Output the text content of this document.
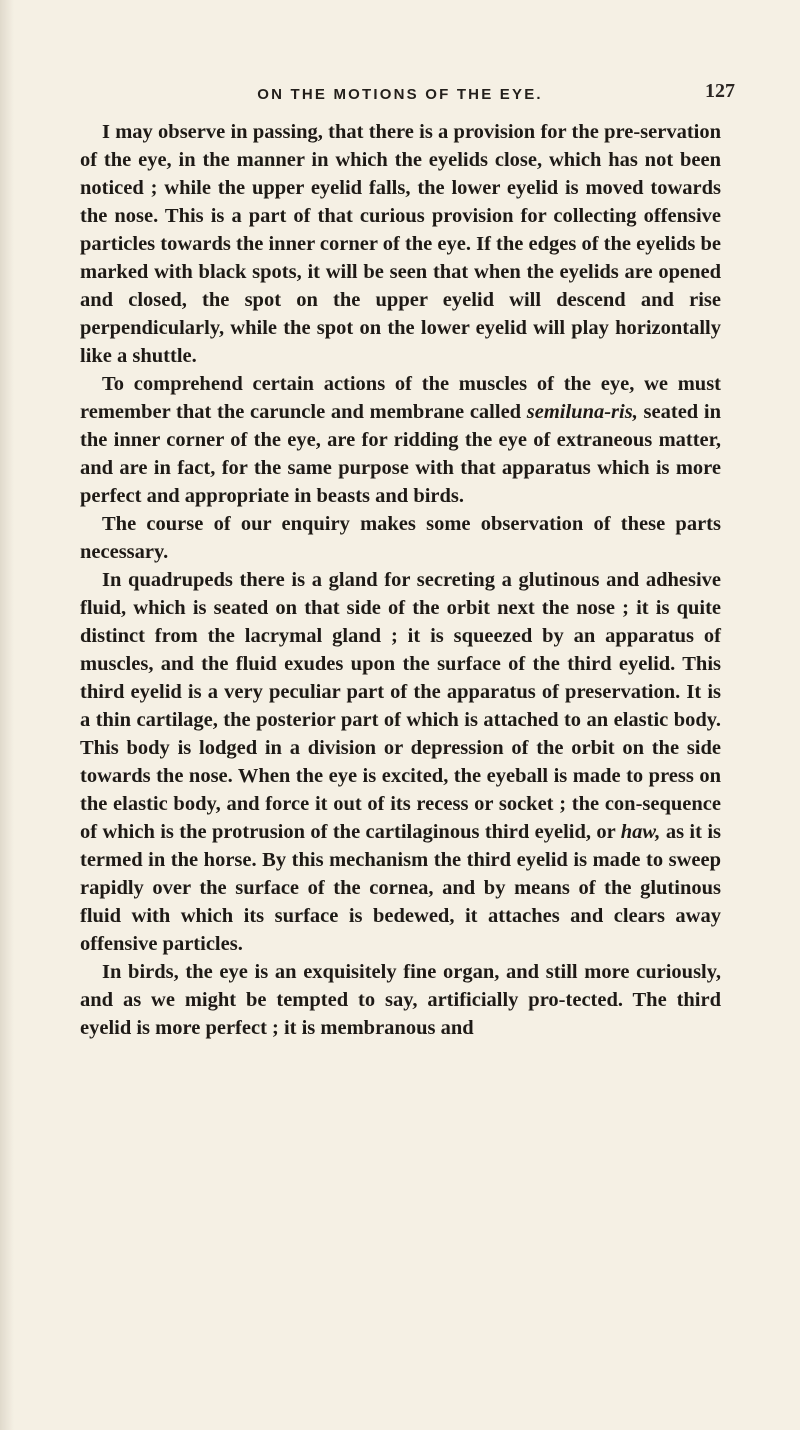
ON THE MOTIONS OF THE EYE.	127

I may observe in passing, that there is a provision for the pre-servation of the eye, in the manner in which the eyelids close, which has not been noticed ; while the upper eyelid falls, the lower eyelid is moved towards the nose. This is a part of that curious provision for collecting offensive particles towards the inner corner of the eye. If the edges of the eyelids be marked with black spots, it will be seen that when the eyelids are opened and closed, the spot on the upper eyelid will descend and rise perpendicularly, while the spot on the lower eyelid will play horizontally like a shuttle.

To comprehend certain actions of the muscles of the eye, we must remember that the caruncle and membrane called semiluna-ris, seated in the inner corner of the eye, are for ridding the eye of extraneous matter, and are in fact, for the same purpose with that apparatus which is more perfect and appropriate in beasts and birds.

The course of our enquiry makes some observation of these parts necessary.

In quadrupeds there is a gland for secreting a glutinous and adhesive fluid, which is seated on that side of the orbit next the nose ; it is quite distinct from the lacrymal gland ; it is squeezed by an apparatus of muscles, and the fluid exudes upon the surface of the third eyelid. This third eyelid is a very peculiar part of the apparatus of preservation. It is a thin cartilage, the posterior part of which is attached to an elastic body. This body is lodged in a division or depression of the orbit on the side towards the nose. When the eye is excited, the eyeball is made to press on the elastic body, and force it out of its recess or socket ; the con-sequence of which is the protrusion of the cartilaginous third eyelid, or haw, as it is termed in the horse. By this mechanism the third eyelid is made to sweep rapidly over the surface of the cornea, and by means of the glutinous fluid with which its surface is bedewed, it attaches and clears away offensive particles.

In birds, the eye is an exquisitely fine organ, and still more curiously, and as we might be tempted to say, artificially pro-tected. The third eyelid is more perfect ; it is membranous and
